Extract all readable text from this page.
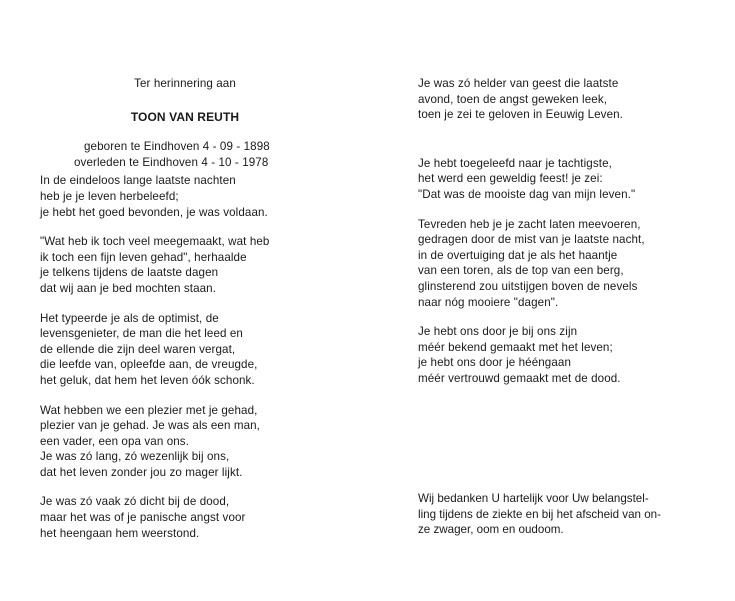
Ter herinnering aan
TOON VAN REUTH
geboren te Eindhoven 4 - 09 - 1898
overleden te Eindhoven 4 - 10 - 1978
In de eindeloos lange laatste nachten
heb je je leven herbeleefd;
je hebt het goed bevonden, je was voldaan.
"Wat heb ik toch veel meegemaakt, wat heb
ik toch een fijn leven gehad", herhaalde
je telkens tijdens de laatste dagen
dat wij aan je bed mochten staan.
Het typeerde je als de optimist, de
levensgenieter, de man die het leed en
de ellende die zijn deel waren vergat,
die leefde van, opleefde aan, de vreugde,
het geluk, dat hem het leven óók schonk.
Wat hebben we een plezier met je gehad,
plezier van je gehad. Je was als een man,
een vader, een opa van ons.
Je was zó lang, zó wezenlijk bij ons,
dat het leven zonder jou zo mager lijkt.
Je was zó vaak zó dicht bij de dood,
maar het was of je panische angst voor
het heengaan hem weerstond.
Je was zó helder van geest die laatste
avond, toen de angst geweken leek,
toen je zei te geloven in Eeuwig Leven.
Je hebt toegeleefd naar je tachtigste,
het werd een geweldig feest! je zei:
"Dat was de mooiste dag van mijn leven."
Tevreden heb je je zacht laten meevoeren,
gedragen door de mist van je laatste nacht,
in de overtuiging dat je als het haantje
van een toren, als de top van een berg,
glinsterend zou uitstijgen boven de nevels
naar nóg mooiere "dagen".
Je hebt ons door je bij ons zijn
méér bekend gemaakt met het leven;
je hebt ons door je hééngaan
méér vertrouwd gemaakt met de dood.
Wij bedanken U hartelijk voor Uw belangstel-
ling tijdens de ziekte en bij het afscheid van on-
ze zwager, oom en oudoom.
